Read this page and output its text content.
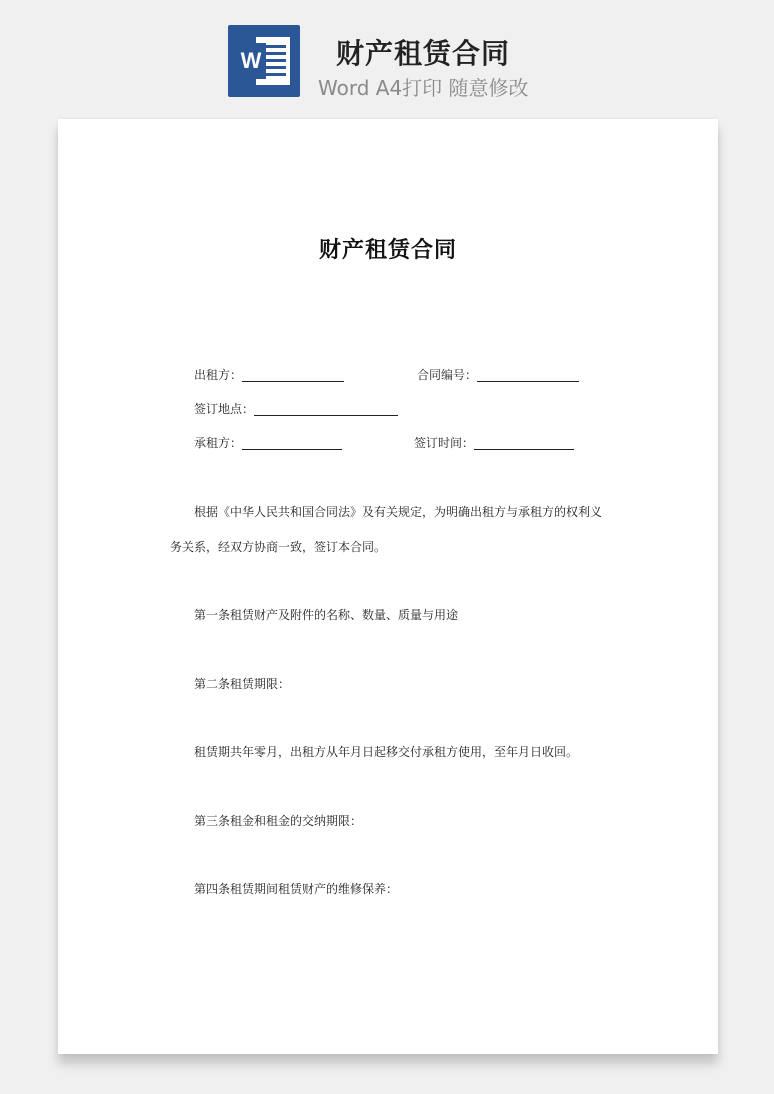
W	财产租赁合同
Word A4打印 随意修改
财产租赁合同
出租方：	合同编号：
签订地点：
承租方：	签订时间：
根据《中华人民共和国合同法》及有关规定，为明确出租方与承租方的权利义
务关系，经双方协商一致，签订本合同。
第一条租赁财产及附件的名称、数量、质量与用途
第二条租赁期限：
租赁期共年零月，出租方从年月日起移交付承租方使用，至年月日收回。
第三条租金和租金的交纳期限：
第四条租赁期间租赁财产的维修保养：
